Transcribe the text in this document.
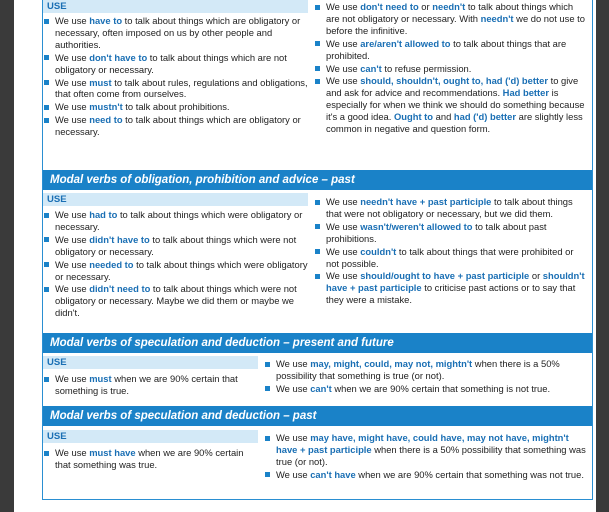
USE
We use have to to talk about things which are obligatory or necessary, often imposed on us by other people and authorities.
We use don't have to to talk about things which are not obligatory or necessary.
We use must to talk about rules, regulations and obligations, that often come from ourselves.
We use mustn't to talk about prohibitions.
We use need to to talk about things which are obligatory or necessary.
We use don't need to or needn't to talk about things which are not obligatory or necessary. With needn't we do not use to before the infinitive.
We use are/aren't allowed to to talk about things that are prohibited.
We use can't to refuse permission.
We use should, shouldn't, ought to, had ('d) better to give and ask for advice and recommendations. Had better is especially for when we think we should do something because it's a good idea. Ought to and had ('d) better are slightly less common in negative and question form.
Modal verbs of obligation, prohibition and advice – past
USE
We use had to to talk about things which were obligatory or necessary.
We use didn't have to to talk about things which were not obligatory or necessary.
We use needed to to talk about things which were obligatory or necessary.
We use didn't need to to talk about things which were not obligatory or necessary. Maybe we did them or maybe we didn't.
We use needn't have + past participle to talk about things that were not obligatory or necessary, but we did them.
We use wasn't/weren't allowed to to talk about past prohibitions.
We use couldn't to talk about things that were prohibited or not possible.
We use should/ought to have + past participle or shouldn't have + past participle to criticise past actions or to say that they were a mistake.
Modal verbs of speculation and deduction – present and future
USE
We use must when we are 90% certain that something is true.
We use may, might, could, may not, mightn't when there is a 50% possibility that something is true (or not).
We use can't when we are 90% certain that something is not true.
Modal verbs of speculation and deduction – past
USE
We use must have when we are 90% certain that something was true.
We use may have, might have, could have, may not have, mightn't have + past participle when there is a 50% possibility that something was true (or not).
We use can't have when we are 90% certain that something was not true.
